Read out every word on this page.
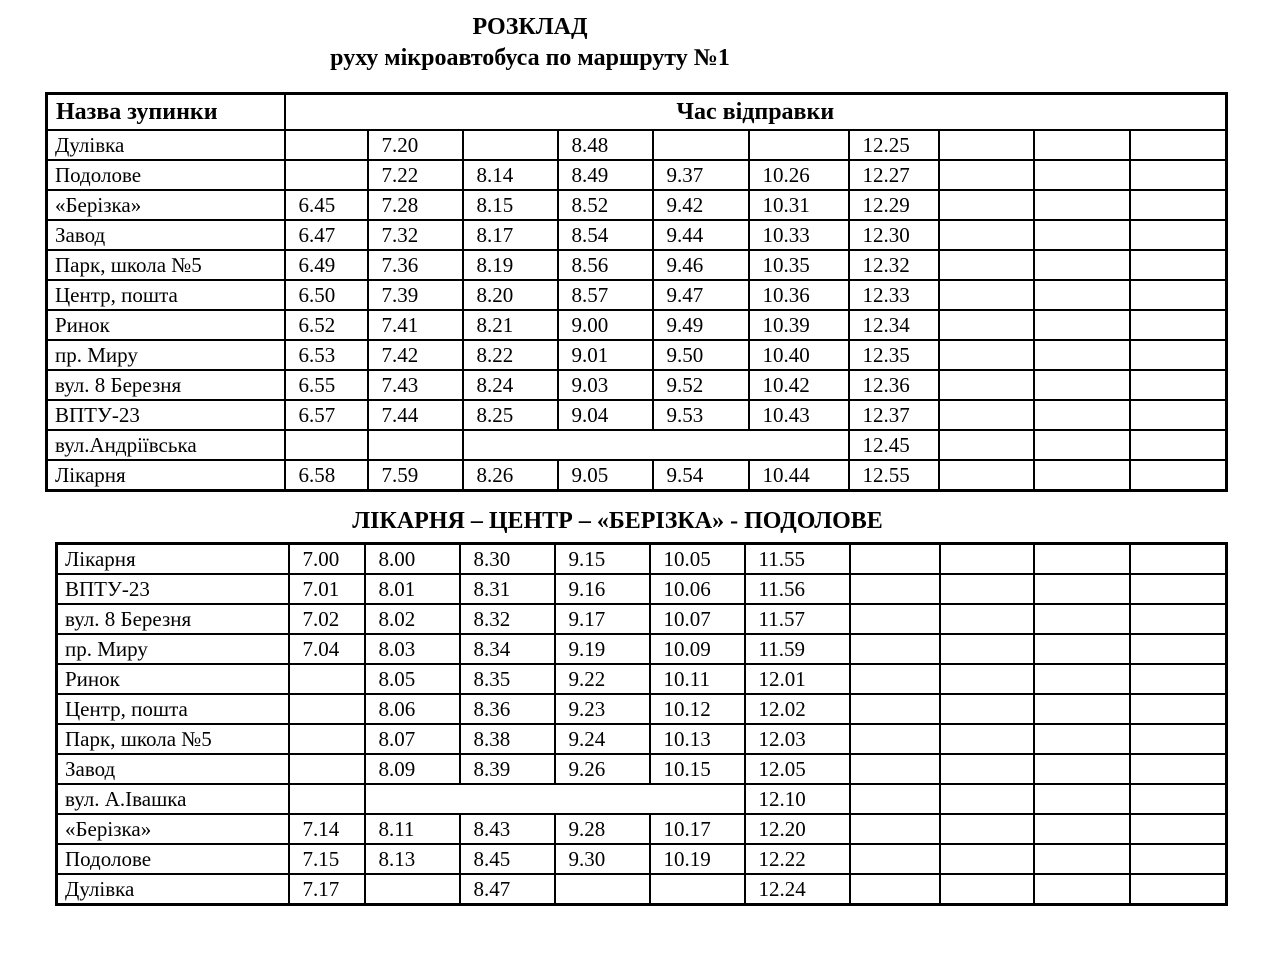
РОЗКЛАД
руху мікроавтобуса по маршруту №1
Назва зупинки	Час відправки									
Дулівка		7.20		8.48			12.25			
Подолове		7.22	8.14	8.49	9.37	10.26	12.27			
«Берізка»	6.45	7.28	8.15	8.52	9.42	10.31	12.29			
Завод	6.47	7.32	8.17	8.54	9.44	10.33	12.30			
Парк, школа №5	6.49	7.36	8.19	8.56	9.46	10.35	12.32			
Центр, пошта	6.50	7.39	8.20	8.57	9.47	10.36	12.33			
Ринок	6.52	7.41	8.21	9.00	9.49	10.39	12.34			
пр. Миру	6.53	7.42	8.22	9.01	9.50	10.40	12.35			
вул. 8 Березня	6.55	7.43	8.24	9.03	9.52	10.42	12.36			
ВПТУ-23	6.57	7.44	8.25	9.04	9.53	10.43	12.37			
вул.Андріївська							12.45			
Лікарня	6.58	7.59	8.26	9.05	9.54	10.44	12.55			
ЛІКАРНЯ – ЦЕНТР – «БЕРІЗКА» - ПОДОЛОВЕ
Лікарня	7.00	8.00	8.30	9.15	10.05	11.55				
ВПТУ-23	7.01	8.01	8.31	9.16	10.06	11.56				
вул. 8 Березня	7.02	8.02	8.32	9.17	10.07	11.57				
пр. Миру	7.04	8.03	8.34	9.19	10.09	11.59				
Ринок		8.05	8.35	9.22	10.11	12.01				
Центр, пошта		8.06	8.36	9.23	10.12	12.02				
Парк, школа №5		8.07	8.38	9.24	10.13	12.03				
Завод		8.09	8.39	9.26	10.15	12.05				
вул. А.Івашка						12.10				
«Берізка»	7.14	8.11	8.43	9.28	10.17	12.20				
Подолове	7.15	8.13	8.45	9.30	10.19	12.22				
Дулівка	7.17		8.47			12.24				
